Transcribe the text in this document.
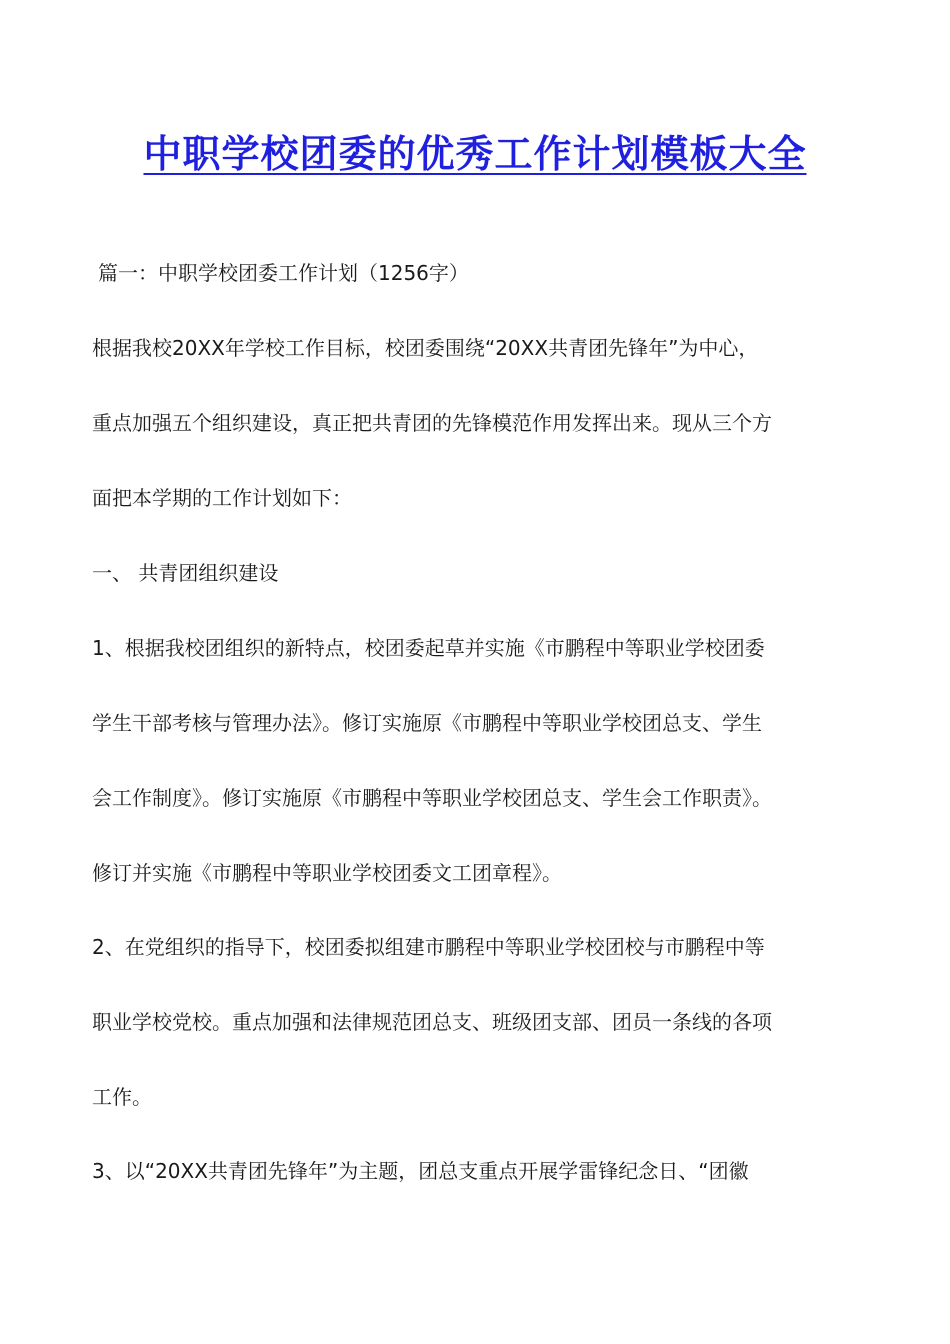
中职学校团委的优秀工作计划模板大全
篇一：中职学校团委工作计划（1256字）
根据我校20XX年学校工作目标，校团委围绕“20XX共青团先锋年”为中心，
重点加强五个组织建设，真正把共青团的先锋模范作用发挥出来。现从三个方
面把本学期的工作计划如下：
一、 共青团组织建设
1、根据我校团组织的新特点，校团委起草并实施《市鹏程中等职业学校团委
学生干部考核与管理办法》。修订实施原《市鹏程中等职业学校团总支、学生
会工作制度》。修订实施原《市鹏程中等职业学校团总支、学生会工作职责》。
修订并实施《市鹏程中等职业学校团委文工团章程》。
2、在党组织的指导下，校团委拟组建市鹏程中等职业学校团校与市鹏程中等
职业学校党校。重点加强和法律规范团总支、班级团支部、团员一条线的各项
工作。
3、以“20XX共青团先锋年”为主题，团总支重点开展学雷锋纪念日、“团徽
